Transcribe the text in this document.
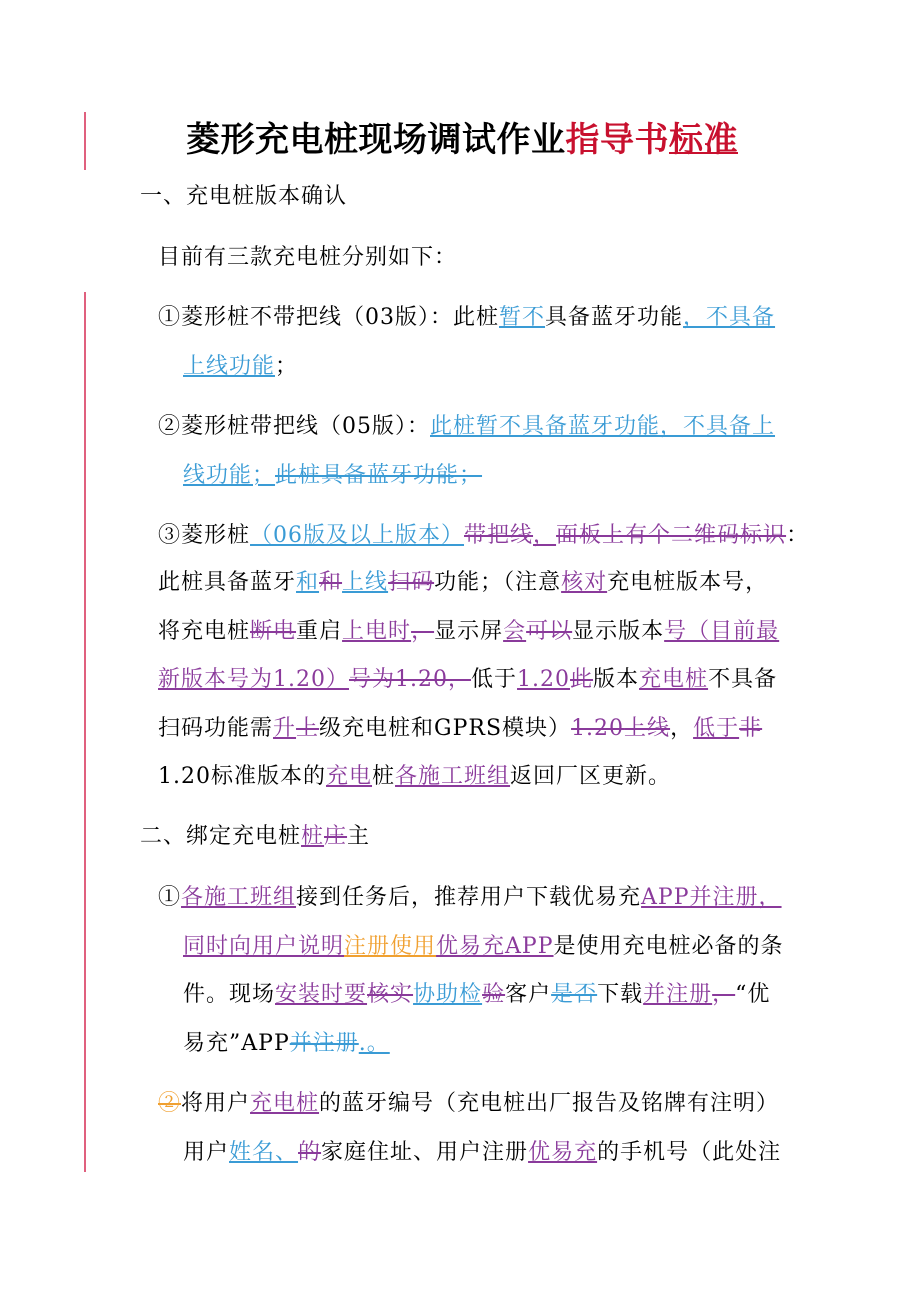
菱形充电桩现场调试作业指导书标准
一、充电桩版本确认
目前有三款充电桩分别如下：
①菱形桩不带把线（03版）：此桩暂不具备蓝牙功能，不具备
上线功能；
②菱形桩带把线（05版）：此桩暂不具备蓝牙功能，不具备上
线功能；此桩具备蓝牙功能；
③菱形桩（06版及以上版本）带把线，面板上有个二维码标识：
此桩具备蓝牙和和上线扫码功能；（注意核对充电桩版本号，
将充电桩断电重启上电时，显示屏会可以显示版本号（目前最
新版本号为1.20）号为1.20，低于1.20此版本充电桩不具备
扫码功能需升上级充电桩和GPRS模块）1.20上线，低于非
1.20标准版本的充电桩各施工班组返回厂区更新。
二、绑定充电桩桩庄主
①各施工班组接到任务后，推荐用户下载优易充APP并注册，
同时向用户说明注册使用优易充APP是使用充电桩必备的条
件。现场安装时要核实协助检验客户是否下载并注册，“优
易充”APP并注册.。
②将用户充电桩的蓝牙编号（充电桩出厂报告及铭牌有注明）
用户姓名、的家庭住址、用户注册优易充的手机号（此处注
